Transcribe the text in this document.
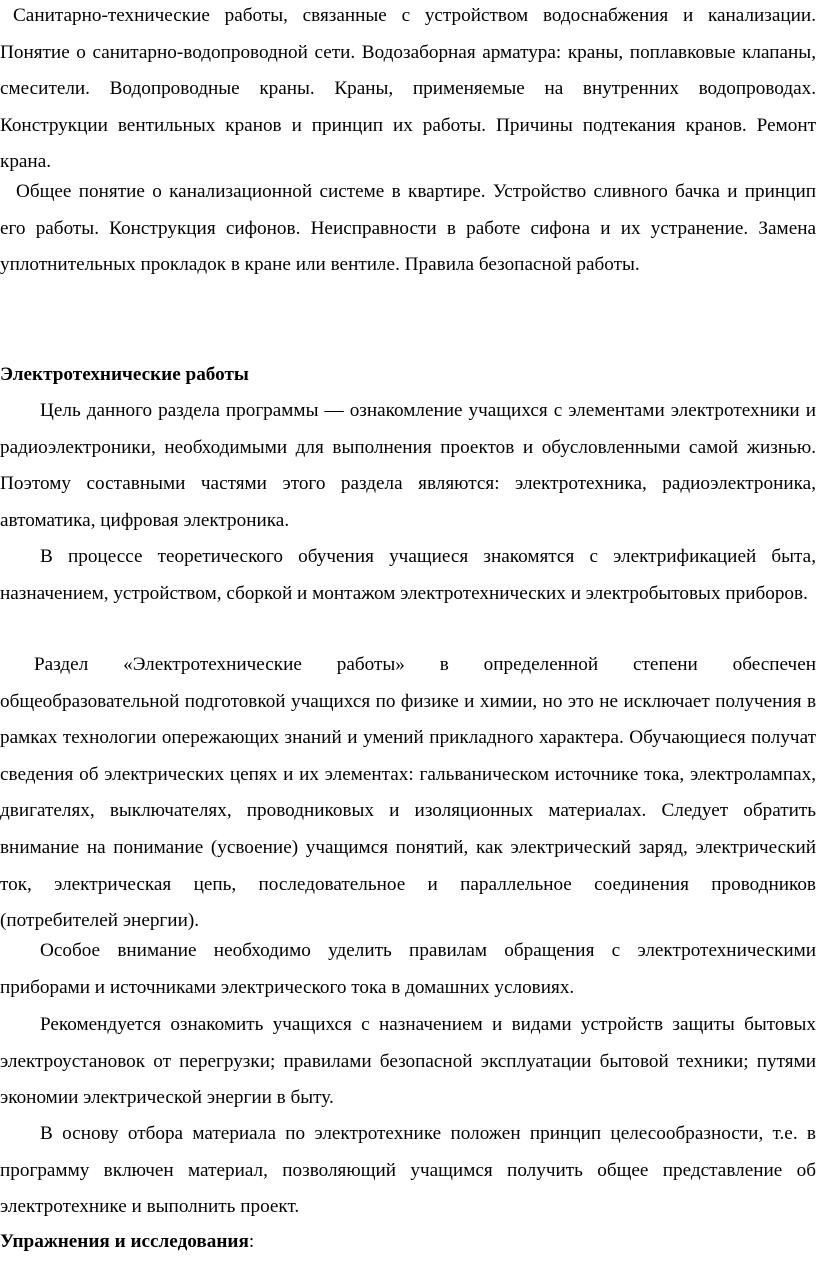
Санитарно-технические работы, связанные с устройством водоснабжения и канализации. Понятие о санитарно-водопроводной сети. Водозаборная арматура: краны, поплавковые клапаны, смесители. Водопроводные краны. Краны, применяемые на внутренних водопроводах. Конструкции вентильных кранов и принцип их работы. Причины подтекания кранов. Ремонт крана.

Общее понятие о канализационной системе в квартире. Устройство сливного бачка и принцип его работы. Конструкция сифонов. Неисправности в работе сифона и их устранение. Замена уплотнительных прокладок в кране или вентиле. Правила безопасной работы.

Электротехнические работы

Цель данного раздела программы — ознакомление учащихся с элементами электротехники и радиоэлектроники, необходимыми для выполнения проектов и обусловленными самой жизнью. Поэтому составными частями этого раздела являются: электротехника, радиоэлектроника, автоматика, цифровая электроника.

В процессе теоретического обучения учащиеся знакомятся с электрификацией быта, назначением, устройством, сборкой и монтажом электротехнических и электробытовых приборов.

Раздел «Электротехнические работы» в определенной степени обеспечен общеобразовательной подготовкой учащихся по физике и химии, но это не исключает получения в рамках технологии опережающих знаний и умений прикладного характера. Обучающиеся получат сведения об электрических цепях и их элементах: гальваническом источнике тока, электролампах, двигателях, выключателях, проводниковых и изоляционных материалах. Следует обратить внимание на понимание (усвоение) учащимся понятий, как электрический заряд, электрический ток, электрическая цепь, последовательное и параллельное соединения проводников (потребителей энергии).

Особое внимание необходимо уделить правилам обращения с электротехническими приборами и источниками электрического тока в домашних условиях.

Рекомендуется ознакомить учащихся с назначением и видами устройств защиты бытовых электроустановок от перегрузки; правилами безопасной эксплуатации бытовой техники; путями экономии электрической энергии в быту.

В основу отбора материала по электротехнике положен принцип целесообразности, т.е. в программу включен материал, позволяющий учащимся получить общее представление об электротехнике и выполнить проект.

Упражнения и исследования:
